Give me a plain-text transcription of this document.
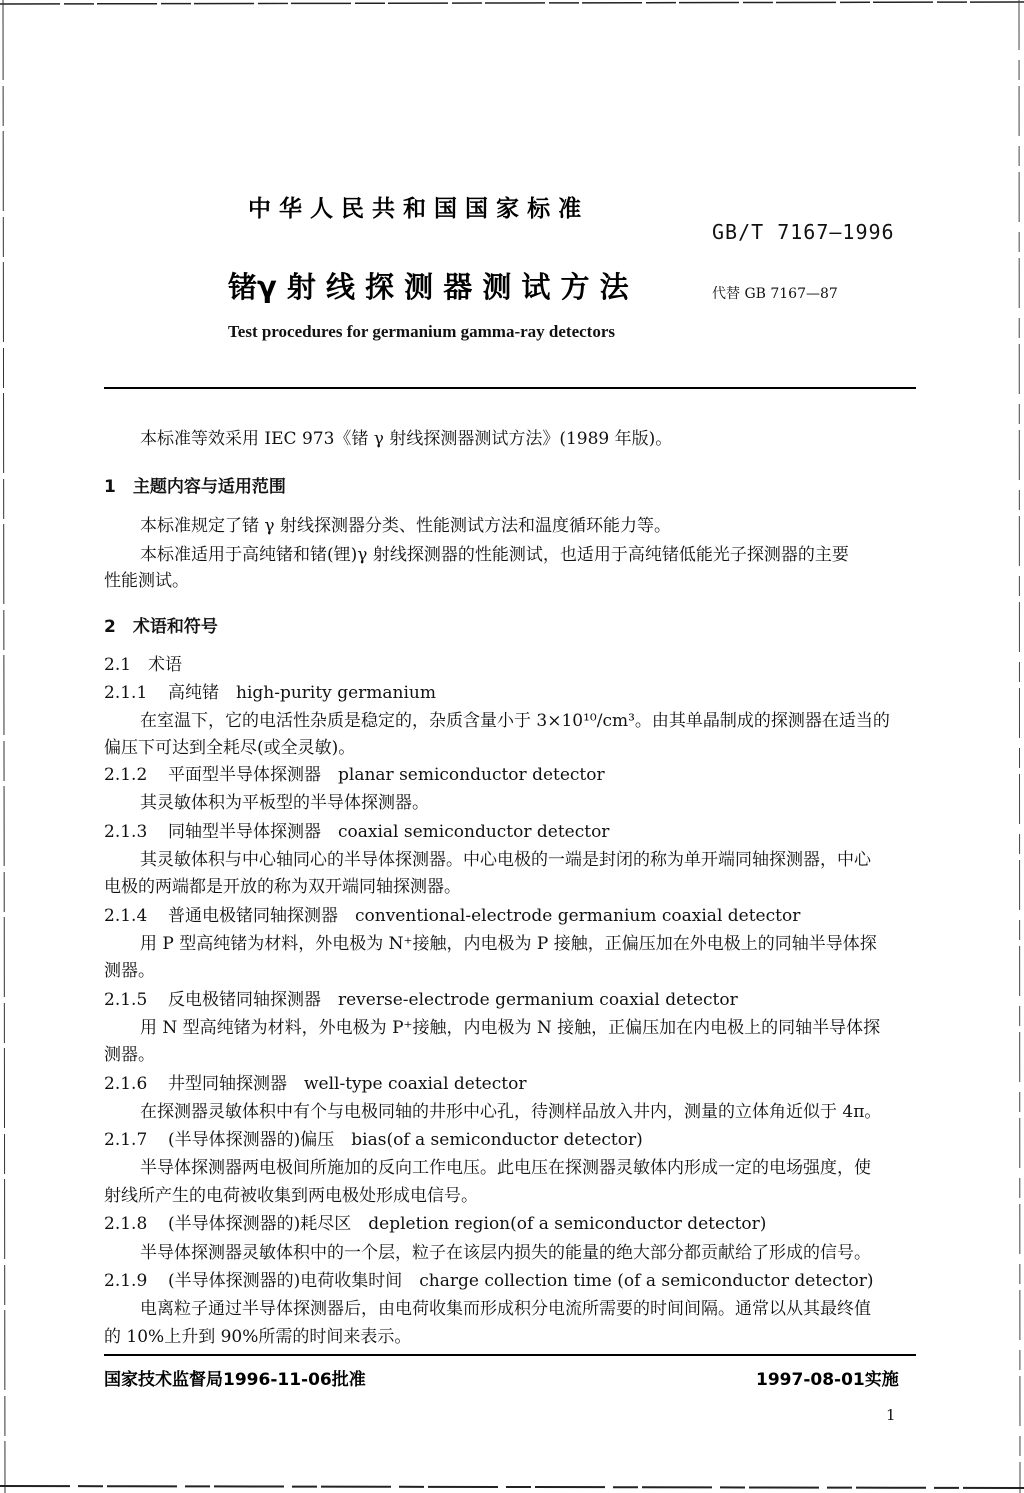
中 华 人 民 共 和 国 国 家 标 准
GB/T 7167—1996
锗γ 射 线 探 测 器 测 试 方 法	代替 GB 7167—87
Test procedures for germanium gamma-ray detectors
本标准等效采用 IEC 973《锗 γ 射线探测器测试方法》(1989 年版)。
1　主题内容与适用范围
本标准规定了锗 γ 射线探测器分类、性能测试方法和温度循环能力等。
本标准适用于高纯锗和锗(锂)γ 射线探测器的性能测试，也适用于高纯锗低能光子探测器的主要
性能测试。
2　术语和符号
2.1　术语
2.1.1 高纯锗　high-purity germanium
在室温下，它的电活性杂质是稳定的，杂质含量小于 3×10¹⁰/cm³。由其单晶制成的探测器在适当的
偏压下可达到全耗尽(或全灵敏)。
2.1.2 平面型半导体探测器　planar semiconductor detector
其灵敏体积为平板型的半导体探测器。
2.1.3 同轴型半导体探测器　coaxial semiconductor detector
其灵敏体积与中心轴同心的半导体探测器。中心电极的一端是封闭的称为单开端同轴探测器，中心
电极的两端都是开放的称为双开端同轴探测器。
2.1.4 普通电极锗同轴探测器　conventional-electrode germanium coaxial detector
用 P 型高纯锗为材料，外电极为 N⁺接触，内电极为 P 接触，正偏压加在外电极上的同轴半导体探
测器。
2.1.5 反电极锗同轴探测器　reverse-electrode germanium coaxial detector
用 N 型高纯锗为材料，外电极为 P⁺接触，内电极为 N 接触，正偏压加在内电极上的同轴半导体探
测器。
2.1.6 井型同轴探测器　well-type coaxial detector
在探测器灵敏体积中有个与电极同轴的井形中心孔，待测样品放入井内，测量的立体角近似于 4π。
2.1.7 (半导体探测器的)偏压　bias(of a semiconductor detector)
半导体探测器两电极间所施加的反向工作电压。此电压在探测器灵敏体内形成一定的电场强度，使
射线所产生的电荷被收集到两电极处形成电信号。
2.1.8 (半导体探测器的)耗尽区　depletion region(of a semiconductor detector)
半导体探测器灵敏体积中的一个层，粒子在该层内损失的能量的绝大部分都贡献给了形成的信号。
2.1.9 (半导体探测器的)电荷收集时间　charge collection time (of a semiconductor detector)
电离粒子通过半导体探测器后，由电荷收集而形成积分电流所需要的时间间隔。通常以从其最终值
的 10%上升到 90%所需的时间来表示。
国家技术监督局1996-11-06批准	1997-08-01实施
1
